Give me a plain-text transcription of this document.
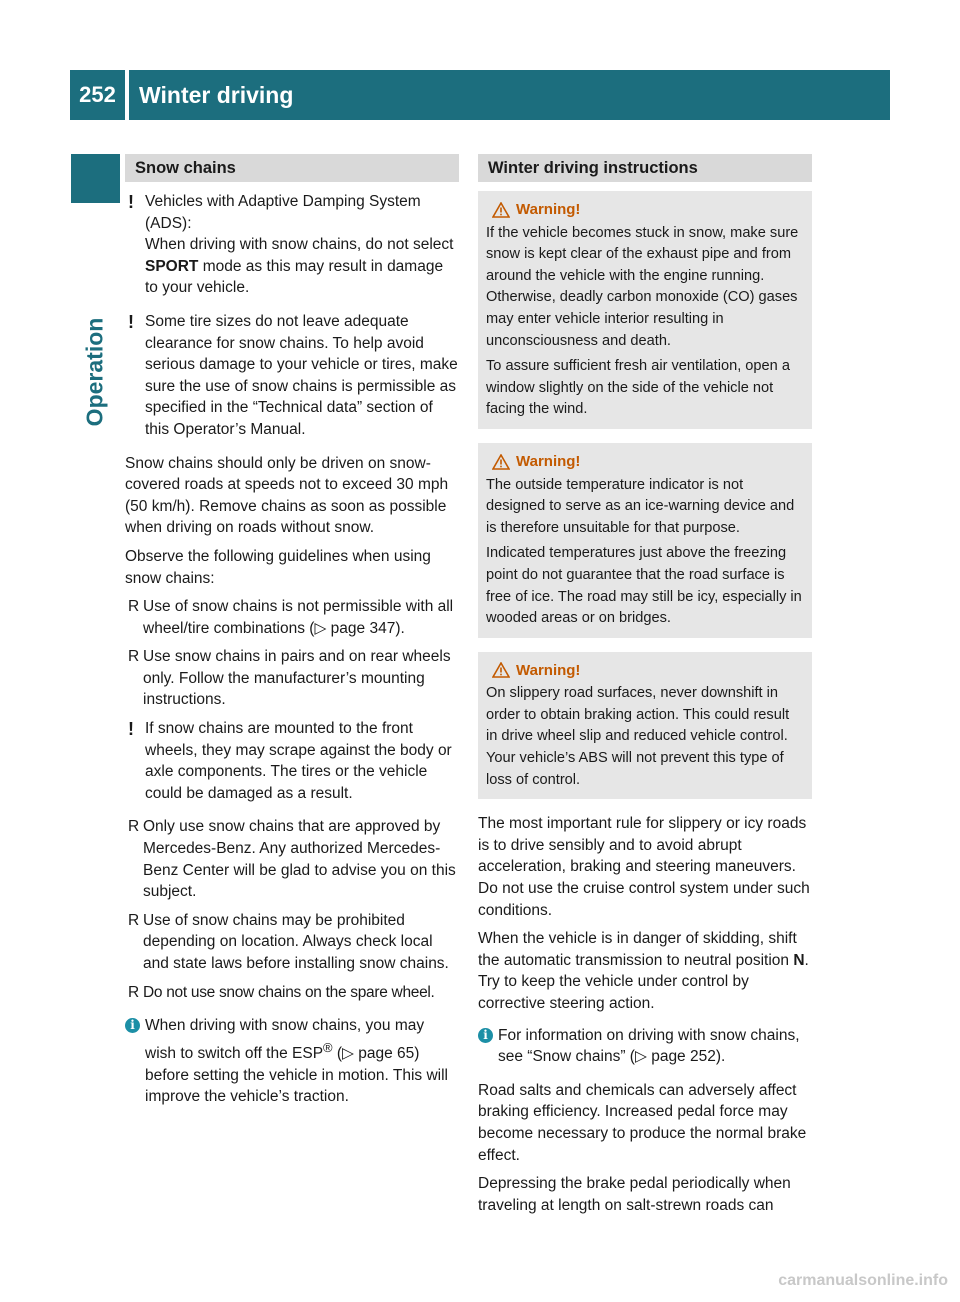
252	Winter driving
Operation
Snow chains
! Vehicles with Adaptive Damping System (ADS):
When driving with snow chains, do not select SPORT mode as this may result in damage to your vehicle.
! Some tire sizes do not leave adequate clearance for snow chains. To help avoid serious damage to your vehicle or tires, make sure the use of snow chains is permissible as specified in the “Technical data” section of this Operator’s Manual.

Snow chains should only be driven on snow-covered roads at speeds not to exceed 30 mph (50 km/h). Remove chains as soon as possible when driving on roads without snow.

Observe the following guidelines when using snow chains:

R Use of snow chains is not permissible with all wheel/tire combinations (▷ page 347).
R Use snow chains in pairs and on rear wheels only. Follow the manufacturer’s mounting instructions.
! If snow chains are mounted to the front wheels, they may scrape against the body or axle components. The tires or the vehicle could be damaged as a result.
R Only use snow chains that are approved by Mercedes-Benz. Any authorized Mercedes-Benz Center will be glad to advise you on this subject.
R Use of snow chains may be prohibited depending on location. Always check local and state laws before installing snow chains.
R Do not use snow chains on the spare wheel.
i When driving with snow chains, you may wish to switch off the ESP® (▷ page 65) before setting the vehicle in motion. This will improve the vehicle’s traction.
Winter driving instructions
Warning!

If the vehicle becomes stuck in snow, make sure snow is kept clear of the exhaust pipe and from around the vehicle with the engine running. Otherwise, deadly carbon monoxide (CO) gases may enter vehicle interior resulting in unconsciousness and death.

To assure sufficient fresh air ventilation, open a window slightly on the side of the vehicle not facing the wind.

Warning!

The outside temperature indicator is not designed to serve as an ice-warning device and is therefore unsuitable for that purpose.

Indicated temperatures just above the freezing point do not guarantee that the road surface is free of ice. The road may still be icy, especially in wooded areas or on bridges.

Warning!

On slippery road surfaces, never downshift in order to obtain braking action. This could result in drive wheel slip and reduced vehicle control. Your vehicle’s ABS will not prevent this type of loss of control.

The most important rule for slippery or icy roads is to drive sensibly and to avoid abrupt acceleration, braking and steering maneuvers. Do not use the cruise control system under such conditions.

When the vehicle is in danger of skidding, shift the automatic transmission to neutral position N. Try to keep the vehicle under control by corrective steering action.

i For information on driving with snow chains, see “Snow chains” (▷ page 252).

Road salts and chemicals can adversely affect braking efficiency. Increased pedal force may become necessary to produce the normal brake effect.

Depressing the brake pedal periodically when traveling at length on salt-strewn roads can

carmanualsonline.info
